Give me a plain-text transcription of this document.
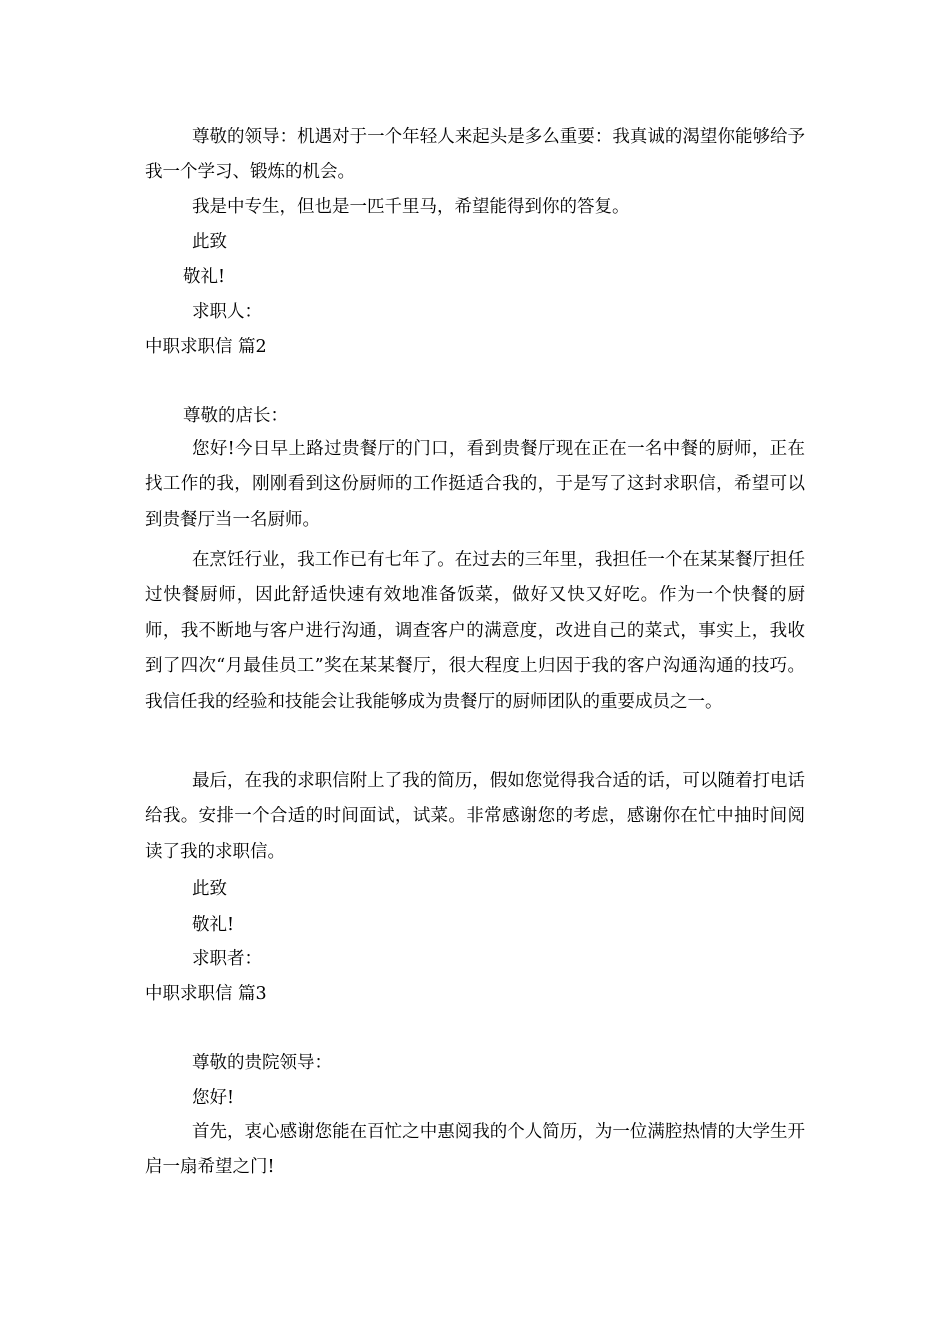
尊敬的领导：机遇对于一个年轻人来起头是多么重要：我真诚的渴望你能够给予我一个学习、锻炼的机会。
我是中专生，但也是一匹千里马，希望能得到你的答复。
此致
敬礼!
求职人：
中职求职信 篇2
尊敬的店长：
您好!今日早上路过贵餐厅的门口，看到贵餐厅现在正在一名中餐的厨师，正在找工作的我，刚刚看到这份厨师的工作挺适合我的，于是写了这封求职信，希望可以到贵餐厅当一名厨师。
在烹饪行业，我工作已有七年了。在过去的三年里，我担任一个在某某餐厅担任过快餐厨师，因此舒适快速有效地准备饭菜，做好又快又好吃。作为一个快餐的厨师，我不断地与客户进行沟通，调查客户的满意度，改进自己的菜式，事实上，我收到了四次“月最佳员工”奖在某某餐厅，很大程度上归因于我的客户沟通沟通的技巧。我信任我的经验和技能会让我能够成为贵餐厅的厨师团队的重要成员之一。
最后，在我的求职信附上了我的简历，假如您觉得我合适的话，可以随着打电话给我。安排一个合适的时间面试，试菜。非常感谢您的考虑，感谢你在忙中抽时间阅读了我的求职信。
此致
敬礼!
求职者：
中职求职信 篇3
尊敬的贵院领导：
您好!
首先，衷心感谢您能在百忙之中惠阅我的个人简历，为一位满腔热情的大学生开启一扇希望之门!
